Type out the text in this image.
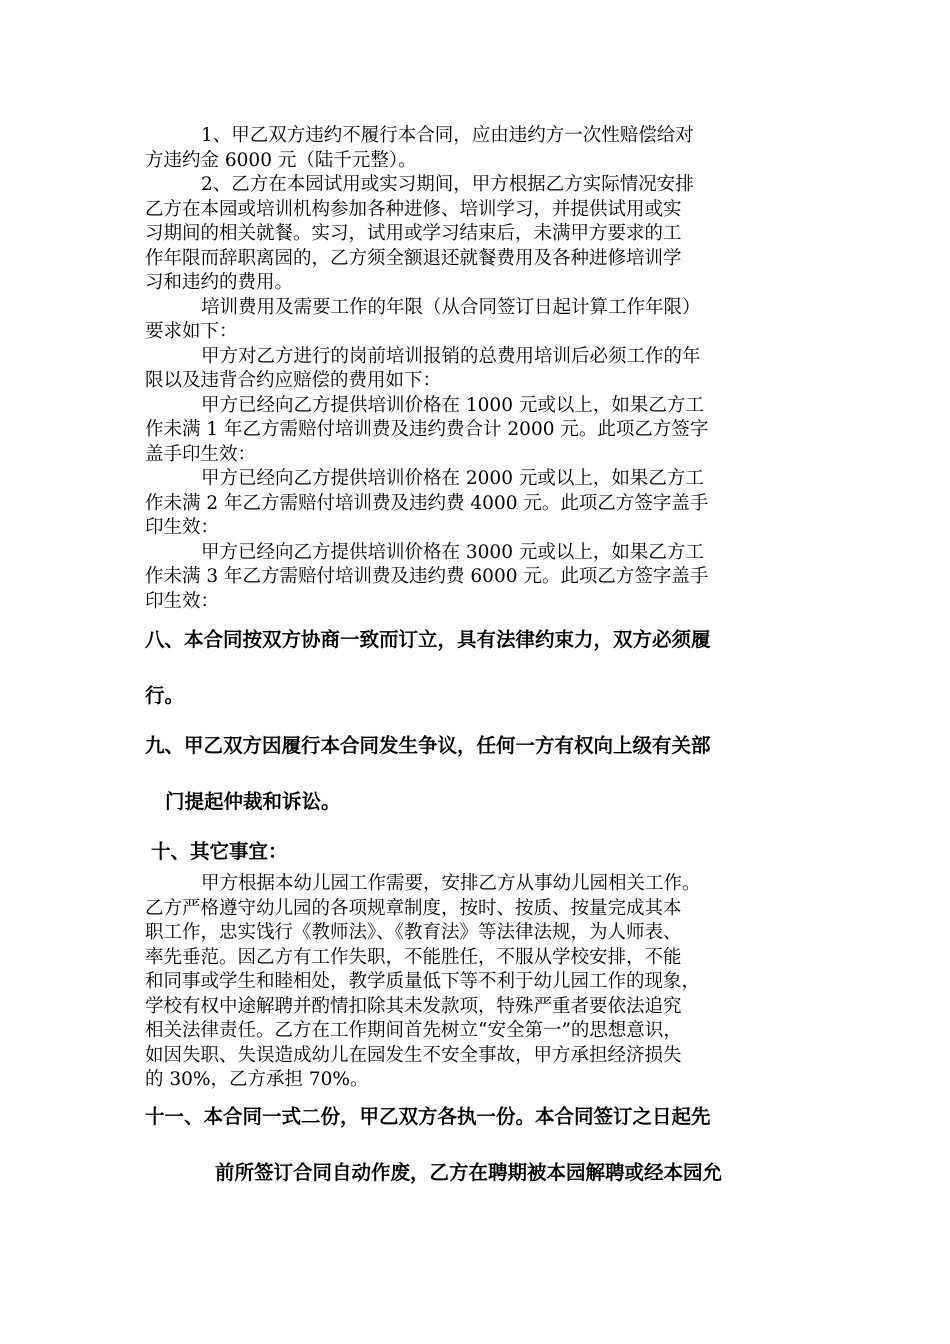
1、甲乙双方违约不履行本合同，应由违约方一次性赔偿给对

方违约金 6000 元（陆千元整）。

2、乙方在本园试用或实习期间，甲方根据乙方实际情况安排

乙方在本园或培训机构参加各种进修、培训学习，并提供试用或实

习期间的相关就餐。实习，试用或学习结束后，未满甲方要求的工

作年限而辞职离园的，乙方须全额退还就餐费用及各种进修培训学

习和违约的费用。

培训费用及需要工作的年限（从合同签订日起计算工作年限）

要求如下：

甲方对乙方进行的岗前培训报销的总费用培训后必须工作的年

限以及违背合约应赔偿的费用如下：

甲方已经向乙方提供培训价格在 1000 元或以上，如果乙方工

作未满 1 年乙方需赔付培训费及违约费合计 2000 元。此项乙方签字

盖手印生效：

甲方已经向乙方提供培训价格在 2000 元或以上，如果乙方工

作未满 2 年乙方需赔付培训费及违约费 4000 元。此项乙方签字盖手

印生效：

甲方已经向乙方提供培训价格在 3000 元或以上，如果乙方工

作未满 3 年乙方需赔付培训费及违约费 6000 元。此项乙方签字盖手

印生效：

八、本合同按双方协商一致而订立，具有法律约束力，双方必须履

行。

九、甲乙双方因履行本合同发生争议，任何一方有权向上级有关部

门提起仲裁和诉讼。

十、其它事宜：

甲方根据本幼儿园工作需要，安排乙方从事幼儿园相关工作。

乙方严格遵守幼儿园的各项规章制度，按时、按质、按量完成其本

职工作，忠实饯行《教师法》、《教育法》等法律法规，为人师表、

率先垂范。因乙方有工作失职，不能胜任，不服从学校安排，不能

和同事或学生和睦相处，教学质量低下等不利于幼儿园工作的现象，

学校有权中途解聘并酌情扣除其未发款项，特殊严重者要依法追究

相关法律责任。乙方在工作期间首先树立“安全第一”的思想意识，

如因失职、失误造成幼儿在园发生不安全事故，甲方承担经济损失

的 30%，乙方承担 70%。

十一、本合同一式二份，甲乙双方各执一份。本合同签订之日起先

前所签订合同自动作废，乙方在聘期被本园解聘或经本园允
